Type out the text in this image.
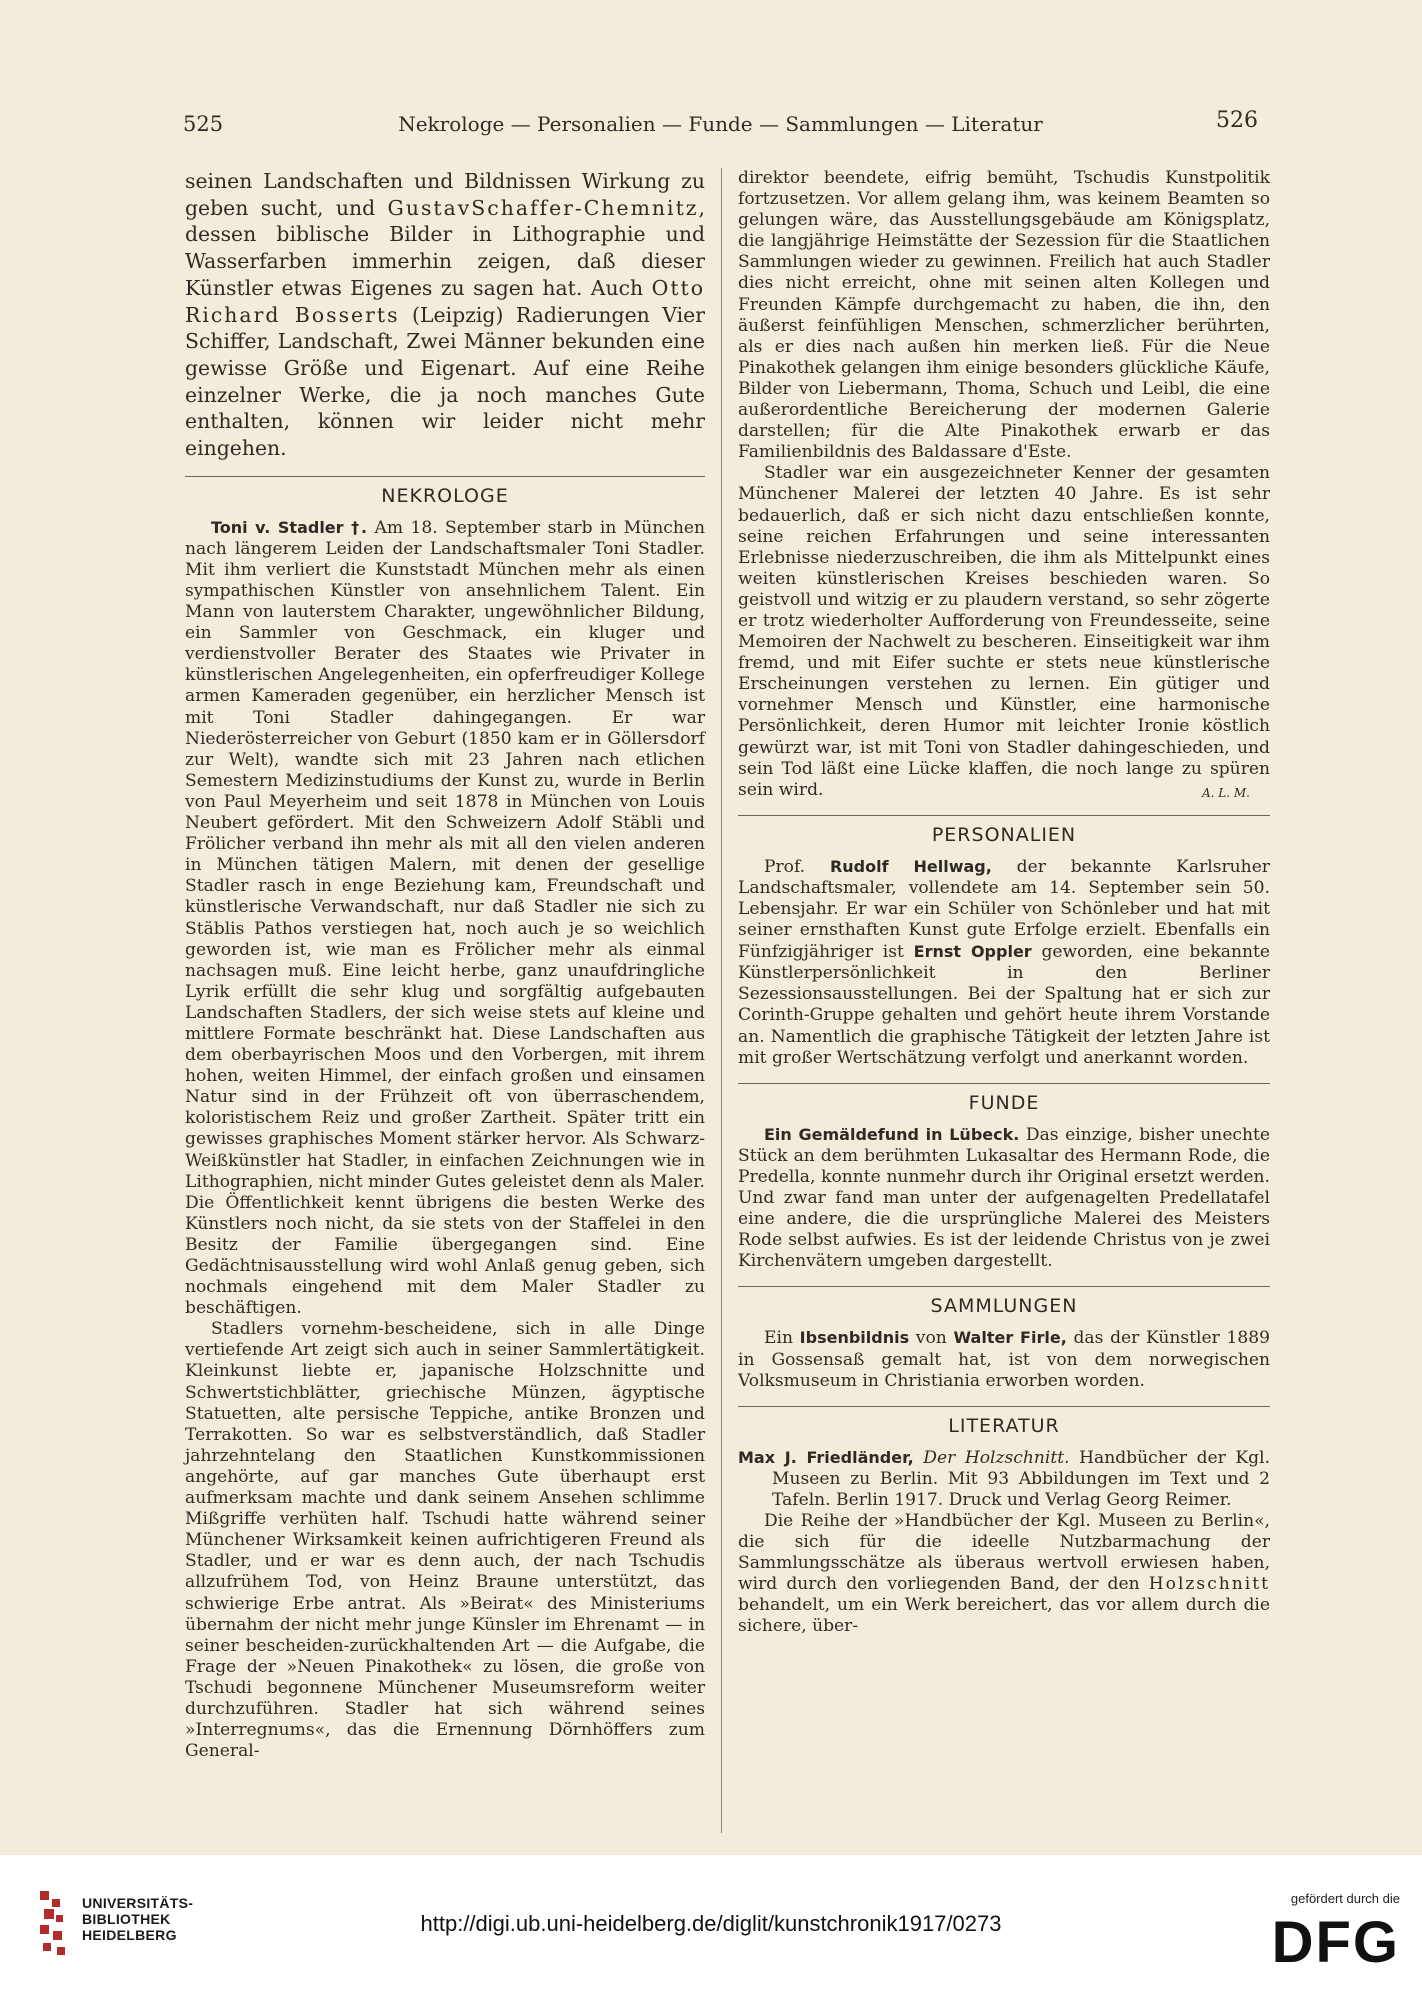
525	Nekrologe — Personalien — Funde — Sammlungen — Literatur	526

seinen Landschaften und Bildnissen Wirkung zu geben sucht, und GustavSchaffer-Chemnitz, dessen biblische Bilder in Lithographie und Wasserfarben immerhin zeigen, daß dieser Künstler etwas Eigenes zu sagen hat. Auch Otto Richard Bosserts (Leipzig) Radierungen Vier Schiffer, Landschaft, Zwei Männer bekunden eine gewisse Größe und Eigenart. Auf eine Reihe einzelner Werke, die ja noch manches Gute enthalten, können wir leider nicht mehr eingehen.

NEKROLOGE

Toni v. Stadler †. Am 18. September starb in München nach längerem Leiden der Landschaftsmaler Toni Stadler. Mit ihm verliert die Kunststadt München mehr als einen sympathischen Künstler von ansehnlichem Talent. Ein Mann von lauterstem Charakter, ungewöhnlicher Bildung, ein Sammler von Geschmack, ein kluger und verdienstvoller Berater des Staates wie Privater in künstlerischen Angelegenheiten, ein opferfreudiger Kollege armen Kameraden gegenüber, ein herzlicher Mensch ist mit Toni Stadler dahingegangen. Er war Niederösterreicher von Geburt (1850 kam er in Göllersdorf zur Welt), wandte sich mit 23 Jahren nach etlichen Semestern Medizinstudiums der Kunst zu, wurde in Berlin von Paul Meyerheim und seit 1878 in München von Louis Neubert gefördert. Mit den Schweizern Adolf Stäbli und Frölicher verband ihn mehr als mit all den vielen anderen in München tätigen Malern, mit denen der gesellige Stadler rasch in enge Beziehung kam, Freundschaft und künstlerische Verwandschaft, nur daß Stadler nie sich zu Stäblis Pathos verstiegen hat, noch auch je so weichlich geworden ist, wie man es Frölicher mehr als einmal nachsagen muß. Eine leicht herbe, ganz unaufdringliche Lyrik erfüllt die sehr klug und sorgfältig aufgebauten Landschaften Stadlers, der sich weise stets auf kleine und mittlere Formate beschränkt hat. Diese Landschaften aus dem oberbayrischen Moos und den Vorbergen, mit ihrem hohen, weiten Himmel, der einfach großen und einsamen Natur sind in der Frühzeit oft von überraschendem, koloristischem Reiz und großer Zartheit. Später tritt ein gewisses graphisches Moment stärker hervor. Als Schwarz-Weißkünstler hat Stadler, in einfachen Zeichnungen wie in Lithographien, nicht minder Gutes geleistet denn als Maler. Die Öffentlichkeit kennt übrigens die besten Werke des Künstlers noch nicht, da sie stets von der Staffelei in den Besitz der Familie übergegangen sind. Eine Gedächtnisausstellung wird wohl Anlaß genug geben, sich nochmals eingehend mit dem Maler Stadler zu beschäftigen.

Stadlers vornehm-bescheidene, sich in alle Dinge vertiefende Art zeigt sich auch in seiner Sammlertätigkeit. Kleinkunst liebte er, japanische Holzschnitte und Schwertstichblätter, griechische Münzen, ägyptische Statuetten, alte persische Teppiche, antike Bronzen und Terrakotten. So war es selbstverständlich, daß Stadler jahrzehntelang den Staatlichen Kunstkommissionen angehörte, auf gar manches Gute überhaupt erst aufmerksam machte und dank seinem Ansehen schlimme Mißgriffe verhüten half. Tschudi hatte während seiner Münchener Wirksamkeit keinen aufrichtigeren Freund als Stadler, und er war es denn auch, der nach Tschudis allzufrühem Tod, von Heinz Braune unterstützt, das schwierige Erbe antrat. Als »Beirat« des Ministeriums übernahm der nicht mehr junge Künsler im Ehrenamt — in seiner bescheiden-zurückhaltenden Art — die Aufgabe, die Frage der »Neuen Pinakothek« zu lösen, die große von Tschudi begonnene Münchener Museumsreform weiter durchzuführen. Stadler hat sich während seines »Interregnums«, das die Ernennung Dörnhöffers zum General-

direktor beendete, eifrig bemüht, Tschudis Kunstpolitik fortzusetzen. Vor allem gelang ihm, was keinem Beamten so gelungen wäre, das Ausstellungsgebäude am Königsplatz, die langjährige Heimstätte der Sezession für die Staatlichen Sammlungen wieder zu gewinnen. Freilich hat auch Stadler dies nicht erreicht, ohne mit seinen alten Kollegen und Freunden Kämpfe durchgemacht zu haben, die ihn, den äußerst feinfühligen Menschen, schmerzlicher berührten, als er dies nach außen hin merken ließ. Für die Neue Pinakothek gelangen ihm einige besonders glückliche Käufe, Bilder von Liebermann, Thoma, Schuch und Leibl, die eine außerordentliche Bereicherung der modernen Galerie darstellen; für die Alte Pinakothek erwarb er das Familienbildnis des Baldassare d'Este.

Stadler war ein ausgezeichneter Kenner der gesamten Münchener Malerei der letzten 40 Jahre. Es ist sehr bedauerlich, daß er sich nicht dazu entschließen konnte, seine reichen Erfahrungen und seine interessanten Erlebnisse niederzuschreiben, die ihm als Mittelpunkt eines weiten künstlerischen Kreises beschieden waren. So geistvoll und witzig er zu plaudern verstand, so sehr zögerte er trotz wiederholter Aufforderung von Freundesseite, seine Memoiren der Nachwelt zu bescheren. Einseitigkeit war ihm fremd, und mit Eifer suchte er stets neue künstlerische Erscheinungen verstehen zu lernen. Ein gütiger und vornehmer Mensch und Künstler, eine harmonische Persönlichkeit, deren Humor mit leichter Ironie köstlich gewürzt war, ist mit Toni von Stadler dahingeschieden, und sein Tod läßt eine Lücke klaffen, die noch lange zu spüren sein wird.	A. L. M.

PERSONALIEN

Prof. Rudolf Hellwag, der bekannte Karlsruher Landschaftsmaler, vollendete am 14. September sein 50. Lebensjahr. Er war ein Schüler von Schönleber und hat mit seiner ernsthaften Kunst gute Erfolge erzielt. Ebenfalls ein Fünfzigjähriger ist Ernst Oppler geworden, eine bekannte Künstlerpersönlichkeit in den Berliner Sezessionsausstellungen. Bei der Spaltung hat er sich zur Corinth-Gruppe gehalten und gehört heute ihrem Vorstande an. Namentlich die graphische Tätigkeit der letzten Jahre ist mit großer Wertschätzung verfolgt und anerkannt worden.

FUNDE

Ein Gemäldefund in Lübeck. Das einzige, bisher unechte Stück an dem berühmten Lukasaltar des Hermann Rode, die Predella, konnte nunmehr durch ihr Original ersetzt werden. Und zwar fand man unter der aufgenagelten Predellatafel eine andere, die die ursprüngliche Malerei des Meisters Rode selbst aufwies. Es ist der leidende Christus von je zwei Kirchenvätern umgeben dargestellt.

SAMMLUNGEN

Ein Ibsenbildnis von Walter Firle, das der Künstler 1889 in Gossensaß gemalt hat, ist von dem norwegischen Volksmuseum in Christiania erworben worden.

LITERATUR

Max J. Friedländer, Der Holzschnitt. Handbücher der Kgl. Museen zu Berlin. Mit 93 Abbildungen im Text und 2 Tafeln. Berlin 1917. Druck und Verlag Georg Reimer.

Die Reihe der »Handbücher der Kgl. Museen zu Berlin«, die sich für die ideelle Nutzbarmachung der Sammlungsschätze als überaus wertvoll erwiesen haben, wird durch den vorliegenden Band, der den Holzschnitt behandelt, um ein Werk bereichert, das vor allem durch die sichere, über-

UNIVERSITÄTS-
BIBLIOTHEK
HEIDELBERG	http://digi.ub.uni-heidelberg.de/diglit/kunstchronik1917/0273
gefördert durch die
DFG
